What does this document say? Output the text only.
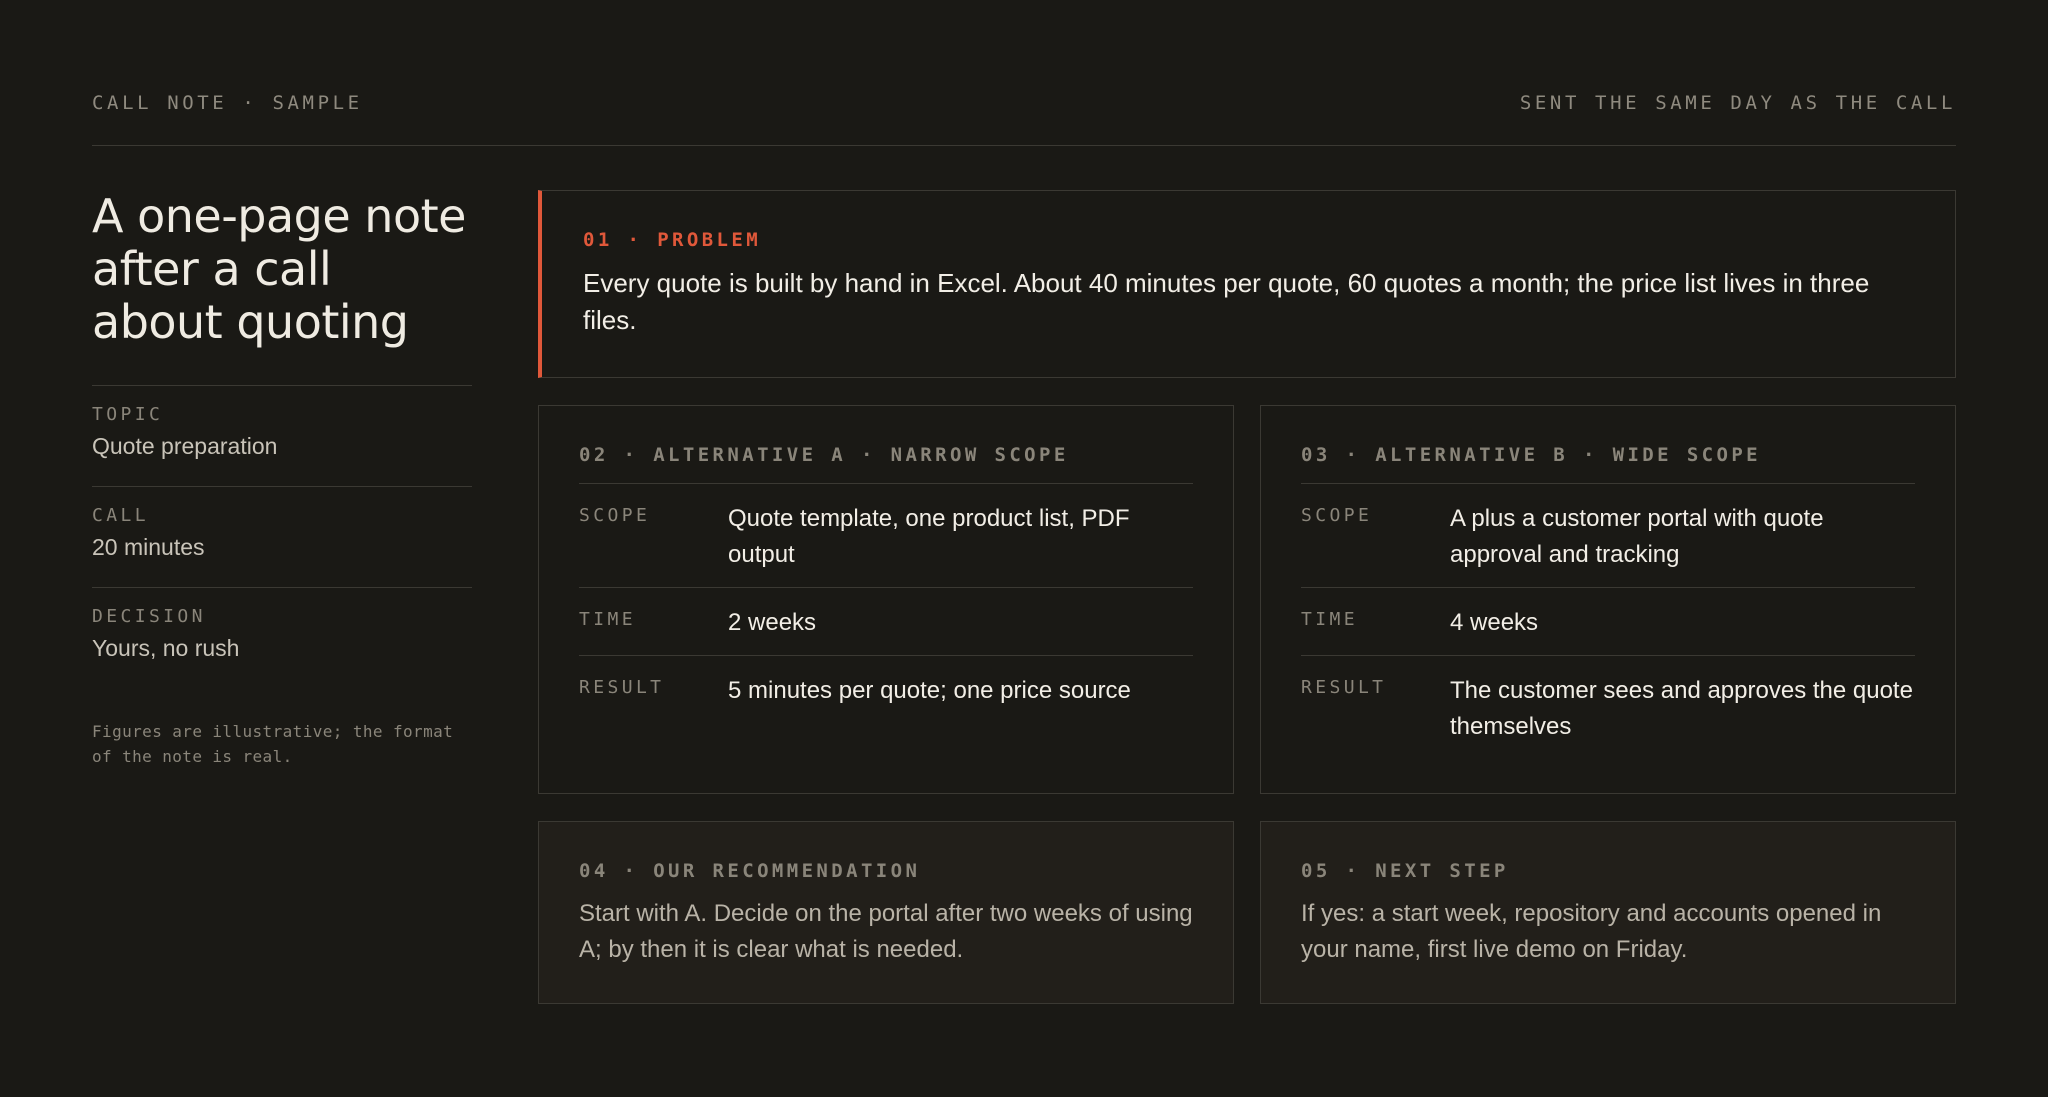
CALL NOTE · SAMPLE	SENT THE SAME DAY AS THE CALL
A one-page note after a call about quoting
TOPIC
Quote preparation
CALL
20 minutes
DECISION
Yours, no rush

Figures are illustrative; the format of the note is real.

01 · PROBLEM

Every quote is built by hand in Excel. About 40 minutes per quote, 60 quotes a month; the price list lives in three files.

02 · ALTERNATIVE A · NARROW SCOPE
SCOPE	Quote template, one product list, PDF output
TIME	2 weeks
RESULT	5 minutes per quote; one price source
03 · ALTERNATIVE B · WIDE SCOPE
SCOPE	A plus a customer portal with quote approval and tracking
TIME	4 weeks
RESULT	The customer sees and approves the quote themselves
04 · OUR RECOMMENDATION

Start with A. Decide on the portal after two weeks of using A; by then it is clear what is needed.

05 · NEXT STEP

If yes: a start week, repository and accounts opened in your name, first live demo on Friday.
